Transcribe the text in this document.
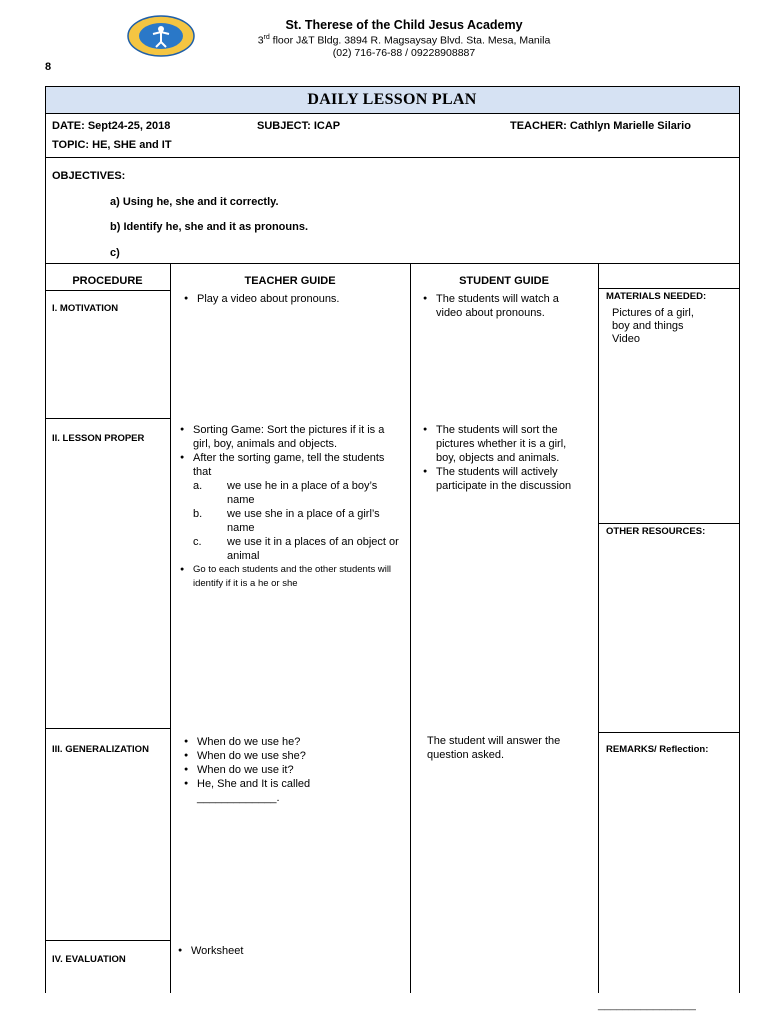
St. Therese of the Child Jesus Academy
3rd floor J&T Bldg. 3894 R. Magsaysay Blvd. Sta. Mesa, Manila
(02) 716-76-88 / 09228908887
8
DAILY LESSON PLAN
DATE: Sept24-25, 2018	SUBJECT: ICAP	TEACHER: Cathlyn Marielle Silario
TOPIC: HE, SHE and IT
OBJECTIVES:
a) Using he, she and it correctly.
b) Identify he, she and it as pronouns.
c)
PROCEDURE	TEACHER GUIDE	STUDENT GUIDE
I. MOTIVATION
● Play a video about pronouns.
●	The students will watch a video about pronouns.
MATERIALS NEEDED:
Pictures of a girl,
boy and things
Video
II. LESSON PROPER
● Sorting Game: Sort the pictures if it is a girl, boy, animals and objects.
● After the sorting game, tell the students that
a. we use he in a place of a boy’s name
b. we use she in a place of a girl’s name
c. we use it in a places of an object or animal
● Go to each students and the other students will identify if it is a he or she
● The students will sort the pictures whether it is a girl, boy, objects and animals.
● The students will actively participate in the discussion
OTHER RESOURCES:
III. GENERALIZATION
● When do we use he?
● When do we use she?
● When do we use it?
● He, She and It is called
_____________.
The student will answer the question asked.	REMARKS/ Reflection:
IV. EVALUATION
● Worksheet
________________
